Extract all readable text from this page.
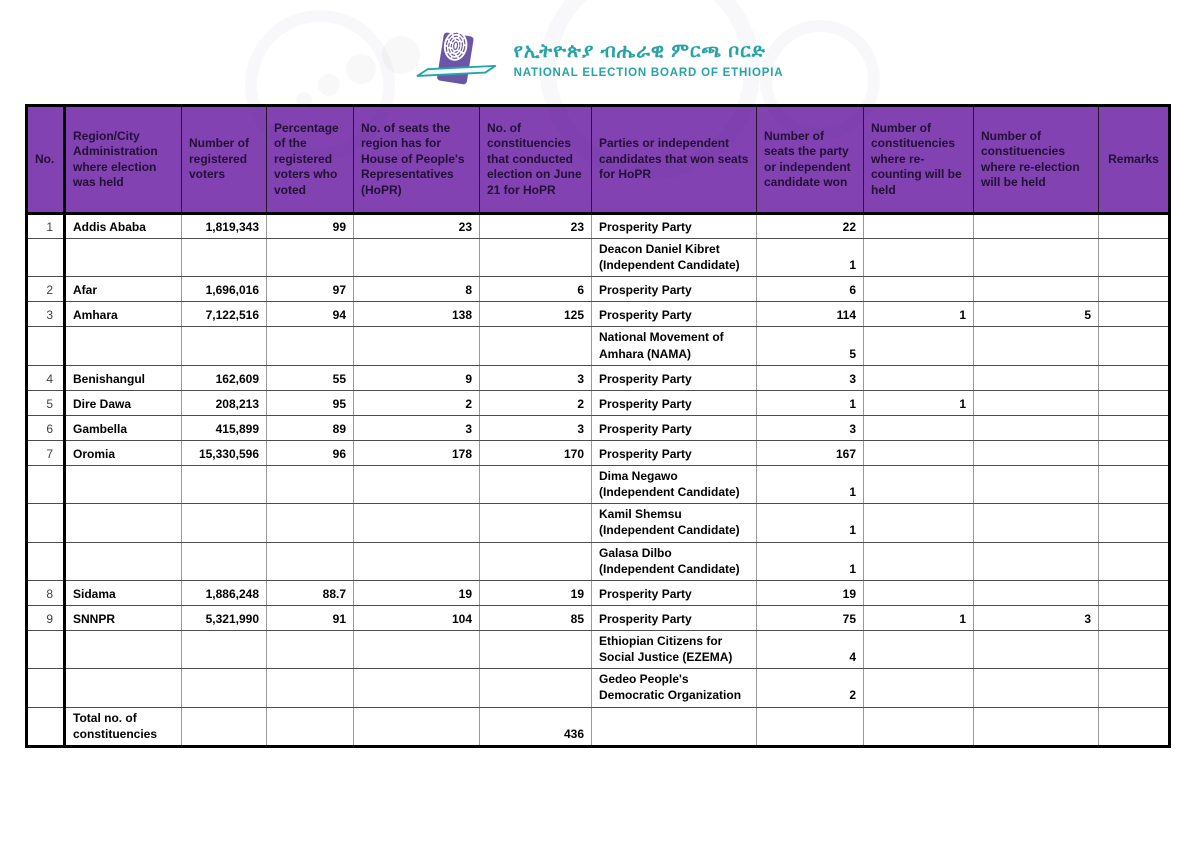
የኢትዮጵያ ብሔራዊ ምርጫ ቦርድ
NATIONAL ELECTION BOARD OF ETHIOPIA
No.	Region/City Administration where election was held	Number of registered voters	Percentage of the registered voters who voted	No. of seats the region has for House of People's Representatives (HoPR)	No. of constituencies that conducted election on June 21 for HoPR	Parties or independent candidates that won seats for HoPR	Number of seats the party or independent candidate won	Number of constituencies where re-counting will be held	Number of constituencies where re-election will be held	Remarks
1	Addis Ababa	1,819,343	99	23	23	Prosperity Party	22			
						Deacon Daniel Kibret (Independent Candidate)	1			
2	Afar	1,696,016	97	8	6	Prosperity Party	6			
3	Amhara	7,122,516	94	138	125	Prosperity Party	114	1	5	
						National Movement of Amhara (NAMA)	5			
4	Benishangul	162,609	55	9	3	Prosperity Party	3			
5	Dire Dawa	208,213	95	2	2	Prosperity Party	1	1		
6	Gambella	415,899	89	3	3	Prosperity Party	3			
7	Oromia	15,330,596	96	178	170	Prosperity Party	167			
						Dima Negawo (Independent Candidate)	1			
						Kamil Shemsu (Independent Candidate)	1			
						Galasa Dilbo (Independent Candidate)	1			
8	Sidama	1,886,248	88.7	19	19	Prosperity Party	19			
9	SNNPR	5,321,990	91	104	85	Prosperity Party	75	1	3	
						Ethiopian Citizens for Social Justice (EZEMA)	4			
						Gedeo People's Democratic Organization	2			
	Total no. of constituencies				436					
